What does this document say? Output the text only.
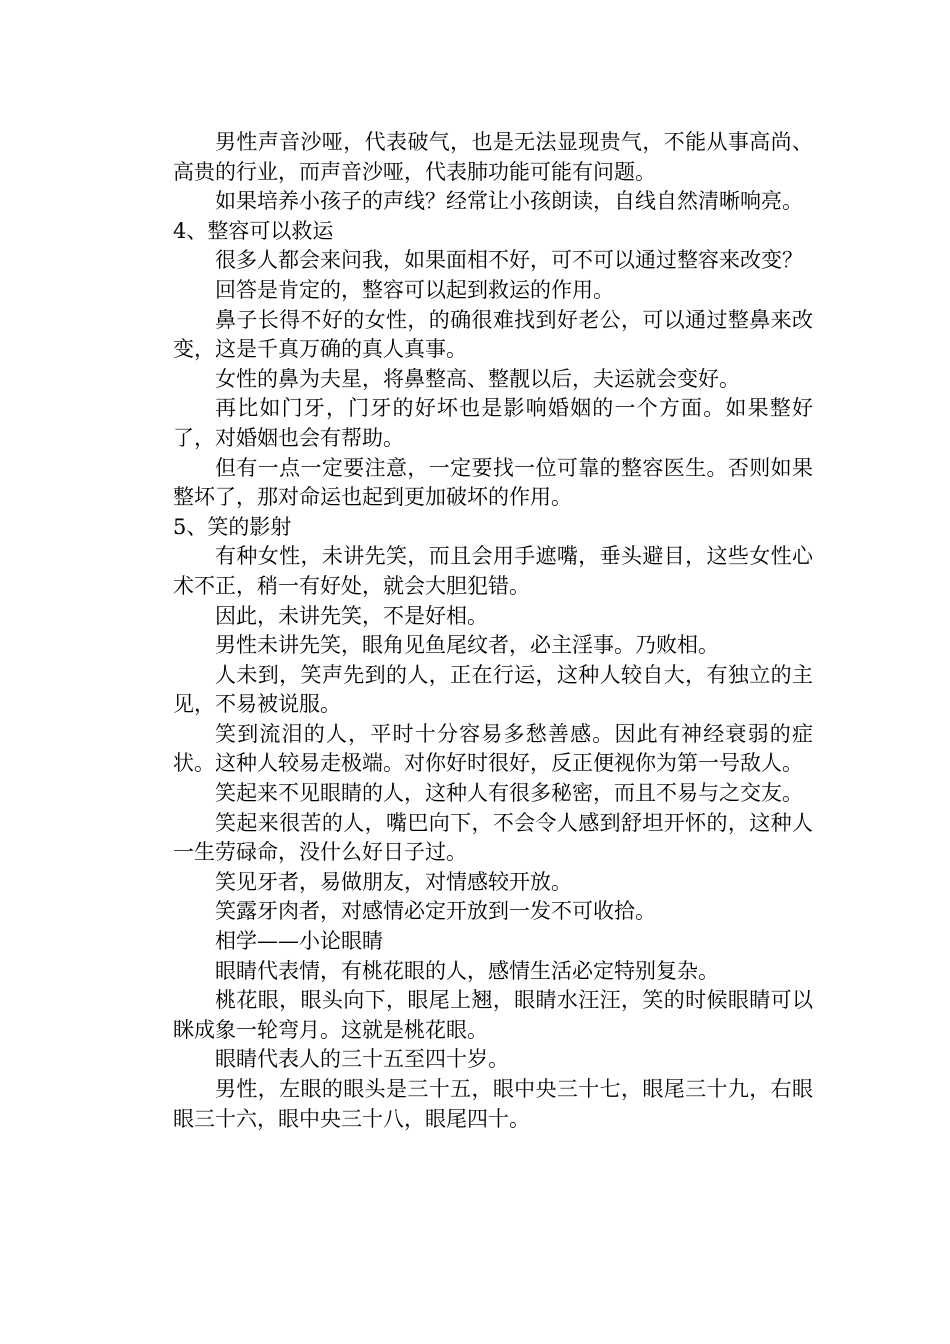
男性声音沙哑，代表破气，也是无法显现贵气，不能从事高尚、高贵的行业，而声音沙哑，代表肺功能可能有问题。

如果培养小孩子的声线？经常让小孩朗读，自线自然清晰响亮。

4、整容可以救运

很多人都会来问我，如果面相不好，可不可以通过整容来改变？

回答是肯定的，整容可以起到救运的作用。

鼻子长得不好的女性，的确很难找到好老公，可以通过整鼻来改变，这是千真万确的真人真事。

女性的鼻为夫星，将鼻整高、整靓以后，夫运就会变好。

再比如门牙，门牙的好坏也是影响婚姻的一个方面。如果整好了，对婚姻也会有帮助。

但有一点一定要注意，一定要找一位可靠的整容医生。否则如果整坏了，那对命运也起到更加破坏的作用。

5、笑的影射

有种女性，未讲先笑，而且会用手遮嘴，垂头避目，这些女性心术不正，稍一有好处，就会大胆犯错。

因此，未讲先笑，不是好相。

男性未讲先笑，眼角见鱼尾纹者，必主淫事。乃败相。

人未到，笑声先到的人，正在行运，这种人较自大，有独立的主见，不易被说服。

笑到流泪的人，平时十分容易多愁善感。因此有神经衰弱的症状。这种人较易走极端。对你好时很好，反正便视你为第一号敌人。

笑起来不见眼睛的人，这种人有很多秘密，而且不易与之交友。

笑起来很苦的人，嘴巴向下，不会令人感到舒坦开怀的，这种人一生劳碌命，没什么好日子过。

笑见牙者，易做朋友，对情感较开放。

笑露牙肉者，对感情必定开放到一发不可收拾。

相学——小论眼睛

眼睛代表情，有桃花眼的人，感情生活必定特别复杂。

桃花眼，眼头向下，眼尾上翘，眼睛水汪汪，笑的时候眼睛可以眯成象一轮弯月。这就是桃花眼。

眼睛代表人的三十五至四十岁。

男性，左眼的眼头是三十五，眼中央三十七，眼尾三十九，右眼眼三十六，眼中央三十八，眼尾四十。
